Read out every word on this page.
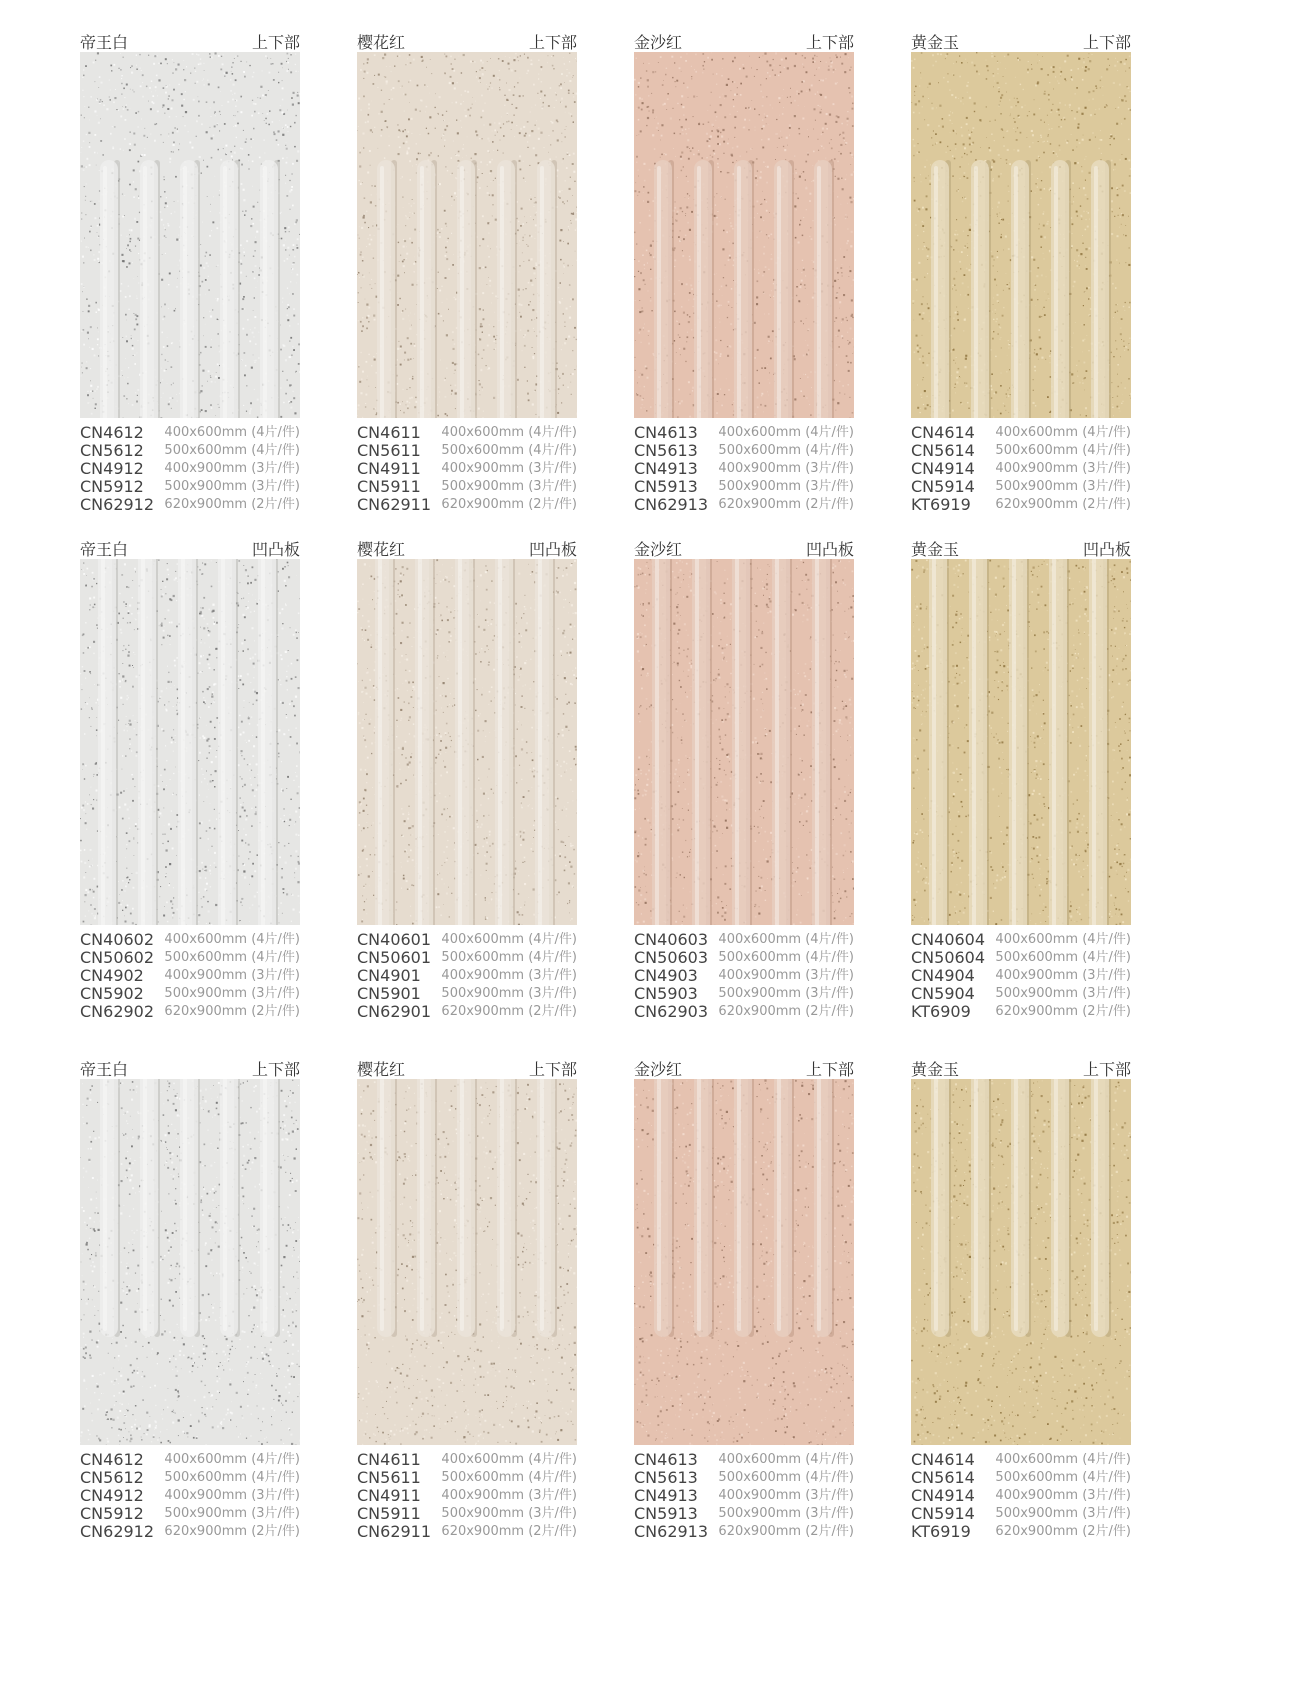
帝王白	上下部
CN4612	400x600mm (4片/件)
CN5612	500x600mm (4片/件)
CN4912	400x900mm (3片/件)
CN5912	500x900mm (3片/件)
CN62912 620x900mm (2片/件)
樱花红	上下部
CN4611	400x600mm (4片/件)
CN5611	500x600mm (4片/件)
CN4911	400x900mm (3片/件)
CN5911	500x900mm (3片/件)
CN62911 620x900mm (2片/件)
金沙红	上下部
CN4613	400x600mm (4片/件)
CN5613	500x600mm (4片/件)
CN4913	400x900mm (3片/件)
CN5913	500x900mm (3片/件)
CN62913 620x900mm (2片/件)
黄金玉	上下部
CN4614	400x600mm (4片/件)
CN5614	500x600mm (4片/件)
CN4914	400x900mm (3片/件)
CN5914	500x900mm (3片/件)
KT6919	620x900mm (2片/件)
帝王白	凹凸板
CN40602 400x600mm (4片/件)
CN50602 500x600mm (4片/件)
CN4902	400x900mm (3片/件)
CN5902	500x900mm (3片/件)
CN62902 620x900mm (2片/件)
樱花红	凹凸板
CN40601 400x600mm (4片/件)
CN50601 500x600mm (4片/件)
CN4901	400x900mm (3片/件)
CN5901	500x900mm (3片/件)
CN62901 620x900mm (2片/件)
金沙红	凹凸板
CN40603 400x600mm (4片/件)
CN50603 500x600mm (4片/件)
CN4903	400x900mm (3片/件)
CN5903	500x900mm (3片/件)
CN62903 620x900mm (2片/件)
黄金玉	凹凸板
CN40604 400x600mm (4片/件)
CN50604 500x600mm (4片/件)
CN4904	400x900mm (3片/件)
CN5904	500x900mm (3片/件)
KT6909	620x900mm (2片/件)
帝王白	上下部
CN4612	400x600mm (4片/件)
CN5612	500x600mm (4片/件)
CN4912	400x900mm (3片/件)
CN5912	500x900mm (3片/件)
CN62912 620x900mm (2片/件)
樱花红	上下部
CN4611	400x600mm (4片/件)
CN5611	500x600mm (4片/件)
CN4911	400x900mm (3片/件)
CN5911	500x900mm (3片/件)
CN62911 620x900mm (2片/件)
金沙红	上下部
CN4613	400x600mm (4片/件)
CN5613	500x600mm (4片/件)
CN4913	400x900mm (3片/件)
CN5913	500x900mm (3片/件)
CN62913 620x900mm (2片/件)
黄金玉	上下部
CN4614	400x600mm (4片/件)
CN5614	500x600mm (4片/件)
CN4914	400x900mm (3片/件)
CN5914	500x900mm (3片/件)
KT6919	620x900mm (2片/件)
